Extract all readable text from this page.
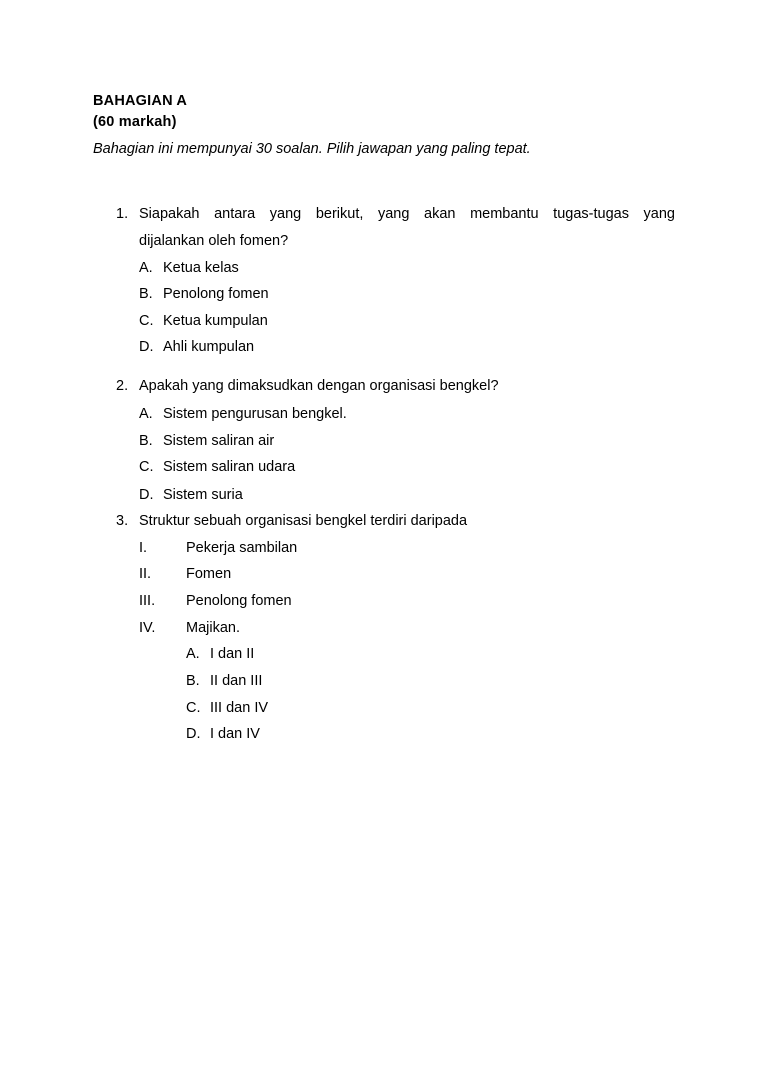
BAHAGIAN A
(60 markah)
Bahagian ini mempunyai 30 soalan. Pilih jawapan yang paling tepat.
1. Siapakah antara yang berikut, yang akan membantu tugas-tugas yang
dijalankan oleh fomen?
A. Ketua kelas
B. Penolong fomen
C. Ketua kumpulan
D. Ahli kumpulan
2. Apakah yang dimaksudkan dengan organisasi bengkel?
A. Sistem pengurusan bengkel.
B. Sistem saliran air
C. Sistem saliran udara
D. Sistem suria
3. Struktur sebuah organisasi bengkel terdiri daripada
I.	Pekerja sambilan
II. Fomen
III. Penolong fomen
IV. Majikan.
A. I dan II
B. II dan III
C. III dan IV
D. I dan IV
